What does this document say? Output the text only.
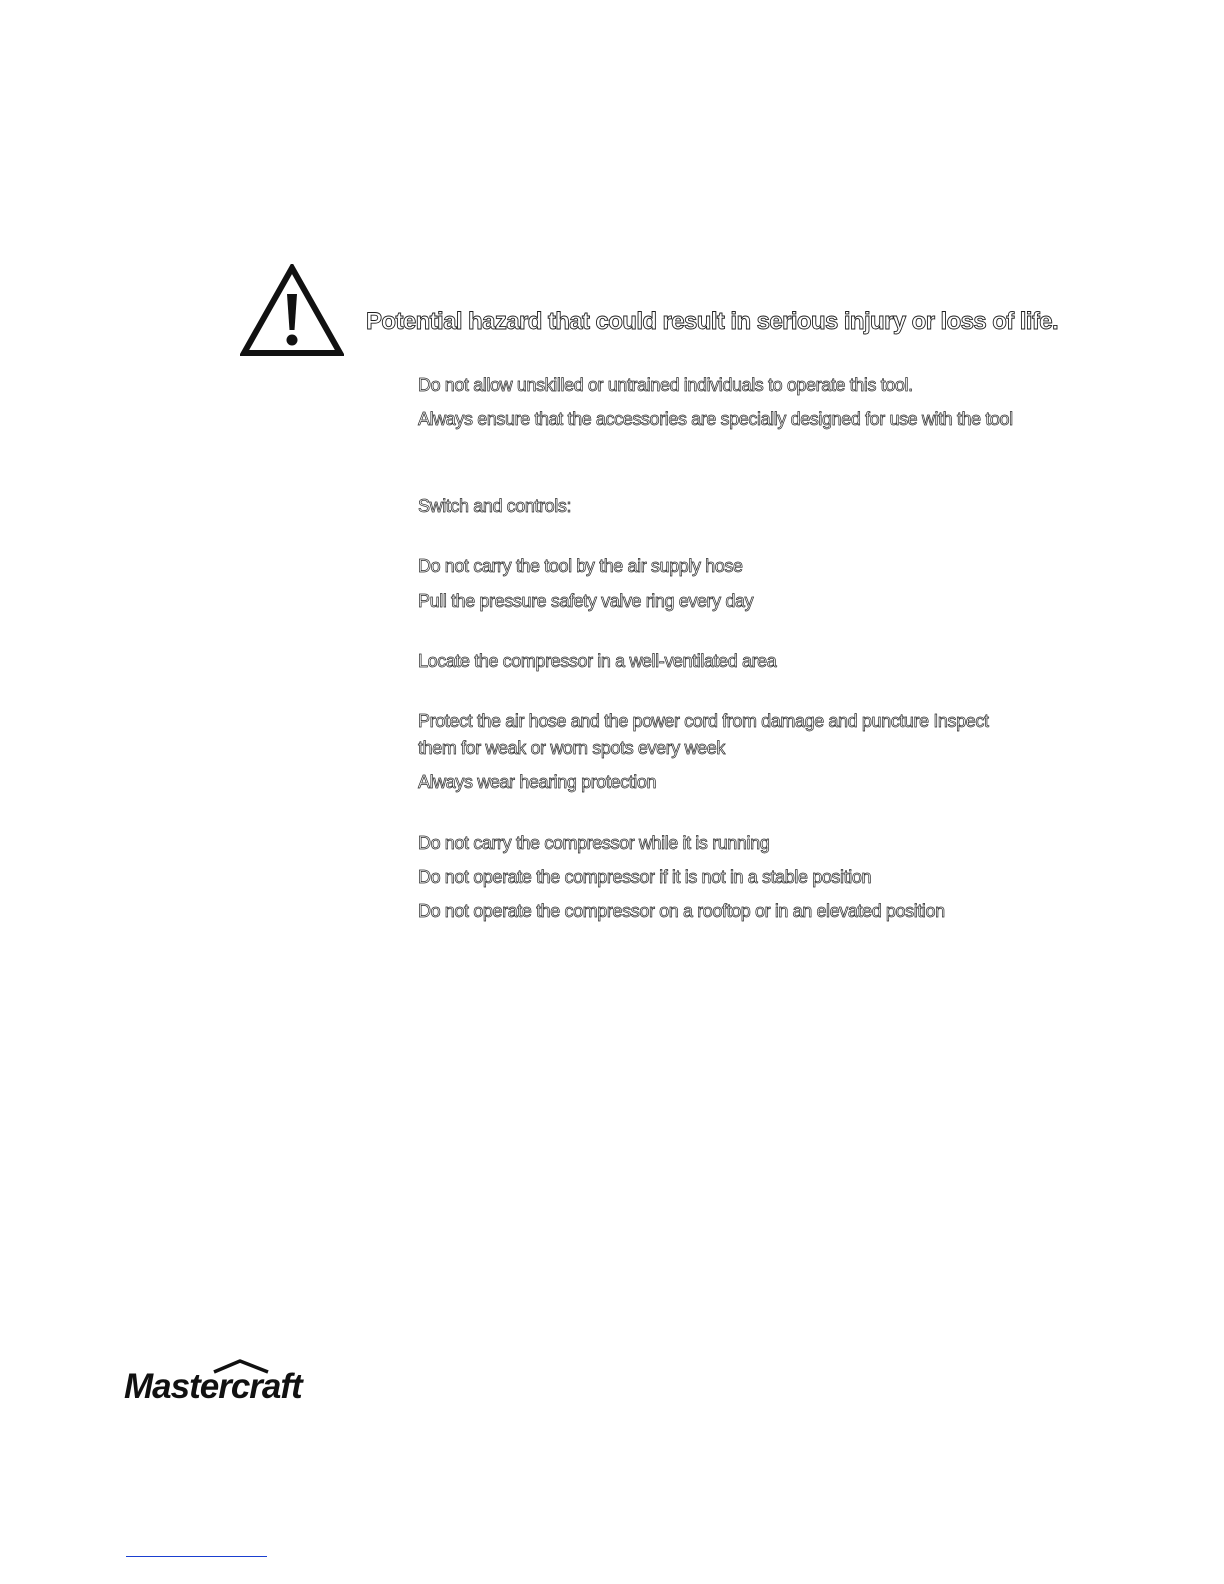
Potential hazard that could result in serious injury or loss of life.
Do not allow unskilled or untrained individuals to operate this tool.
Always ensure that the accessories are specially designed for use with the tool
Switch and controls:
Do not carry the tool by the air supply hose
Pull the pressure safety valve ring every day
Locate the compressor in a well-ventilated area
Protect the air hose and the power cord from damage and puncture Inspect them for weak or worn spots every week
Always wear hearing protection
Do not carry the compressor while it is running
Do not operate the compressor if it is not in a stable position
Do not operate the compressor on a rooftop or in an elevated position
Mastercraft
